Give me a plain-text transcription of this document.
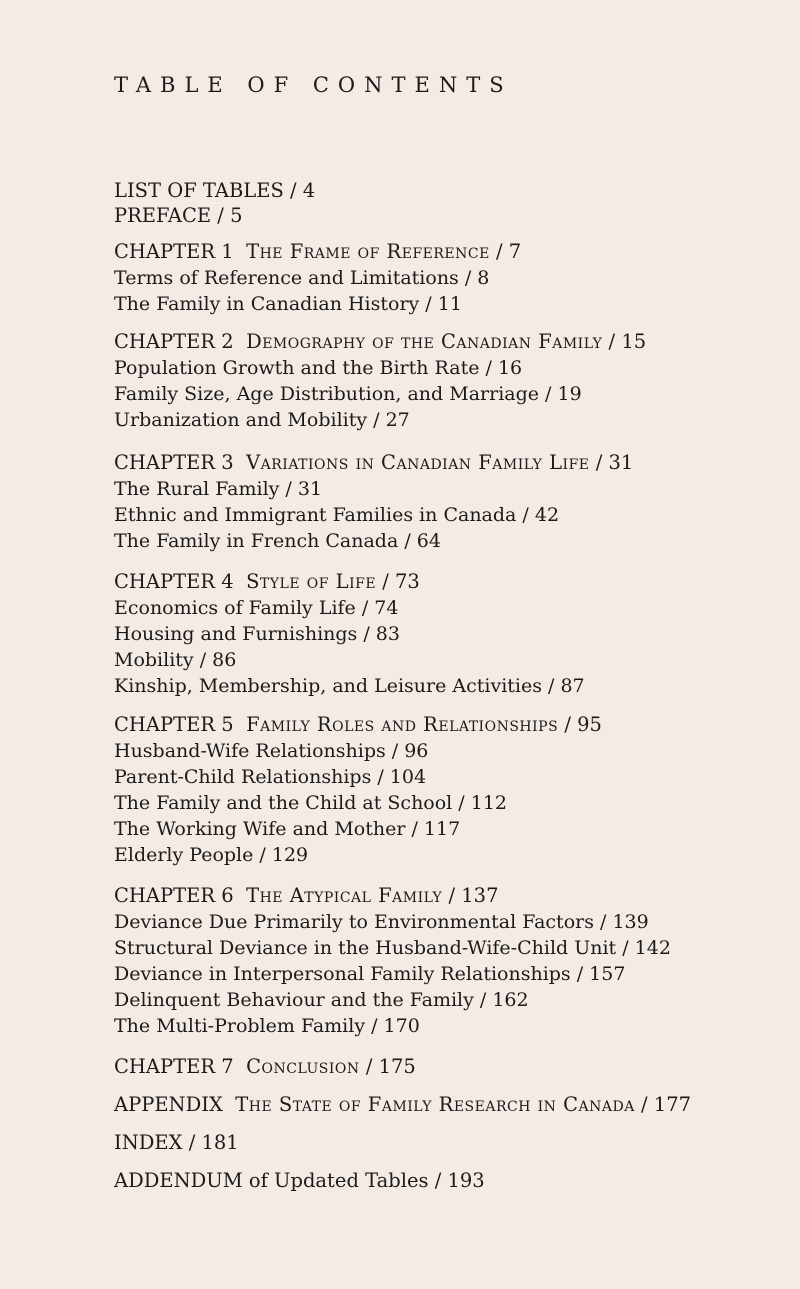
TABLE OF CONTENTS
LIST OF TABLES / 4
PREFACE / 5
CHAPTER 1 The Frame of Reference / 7
Terms of Reference and Limitations / 8
The Family in Canadian History / 11
CHAPTER 2 Demography of the Canadian Family / 15
Population Growth and the Birth Rate / 16
Family Size, Age Distribution, and Marriage / 19
Urbanization and Mobility / 27
CHAPTER 3 Variations in Canadian Family Life / 31
The Rural Family / 31
Ethnic and Immigrant Families in Canada / 42
The Family in French Canada / 64
CHAPTER 4 Style of Life / 73
Economics of Family Life / 74
Housing and Furnishings / 83
Mobility / 86
Kinship, Membership, and Leisure Activities / 87
CHAPTER 5 Family Roles and Relationships / 95
Husband-Wife Relationships / 96
Parent-Child Relationships / 104
The Family and the Child at School / 112
The Working Wife and Mother / 117
Elderly People / 129
CHAPTER 6 The Atypical Family / 137
Deviance Due Primarily to Environmental Factors / 139
Structural Deviance in the Husband-Wife-Child Unit / 142
Deviance in Interpersonal Family Relationships / 157
Delinquent Behaviour and the Family / 162
The Multi-Problem Family / 170
CHAPTER 7 Conclusion / 175
APPENDIX The State of Family Research in Canada / 177
INDEX / 181
ADDENDUM of Updated Tables / 193
